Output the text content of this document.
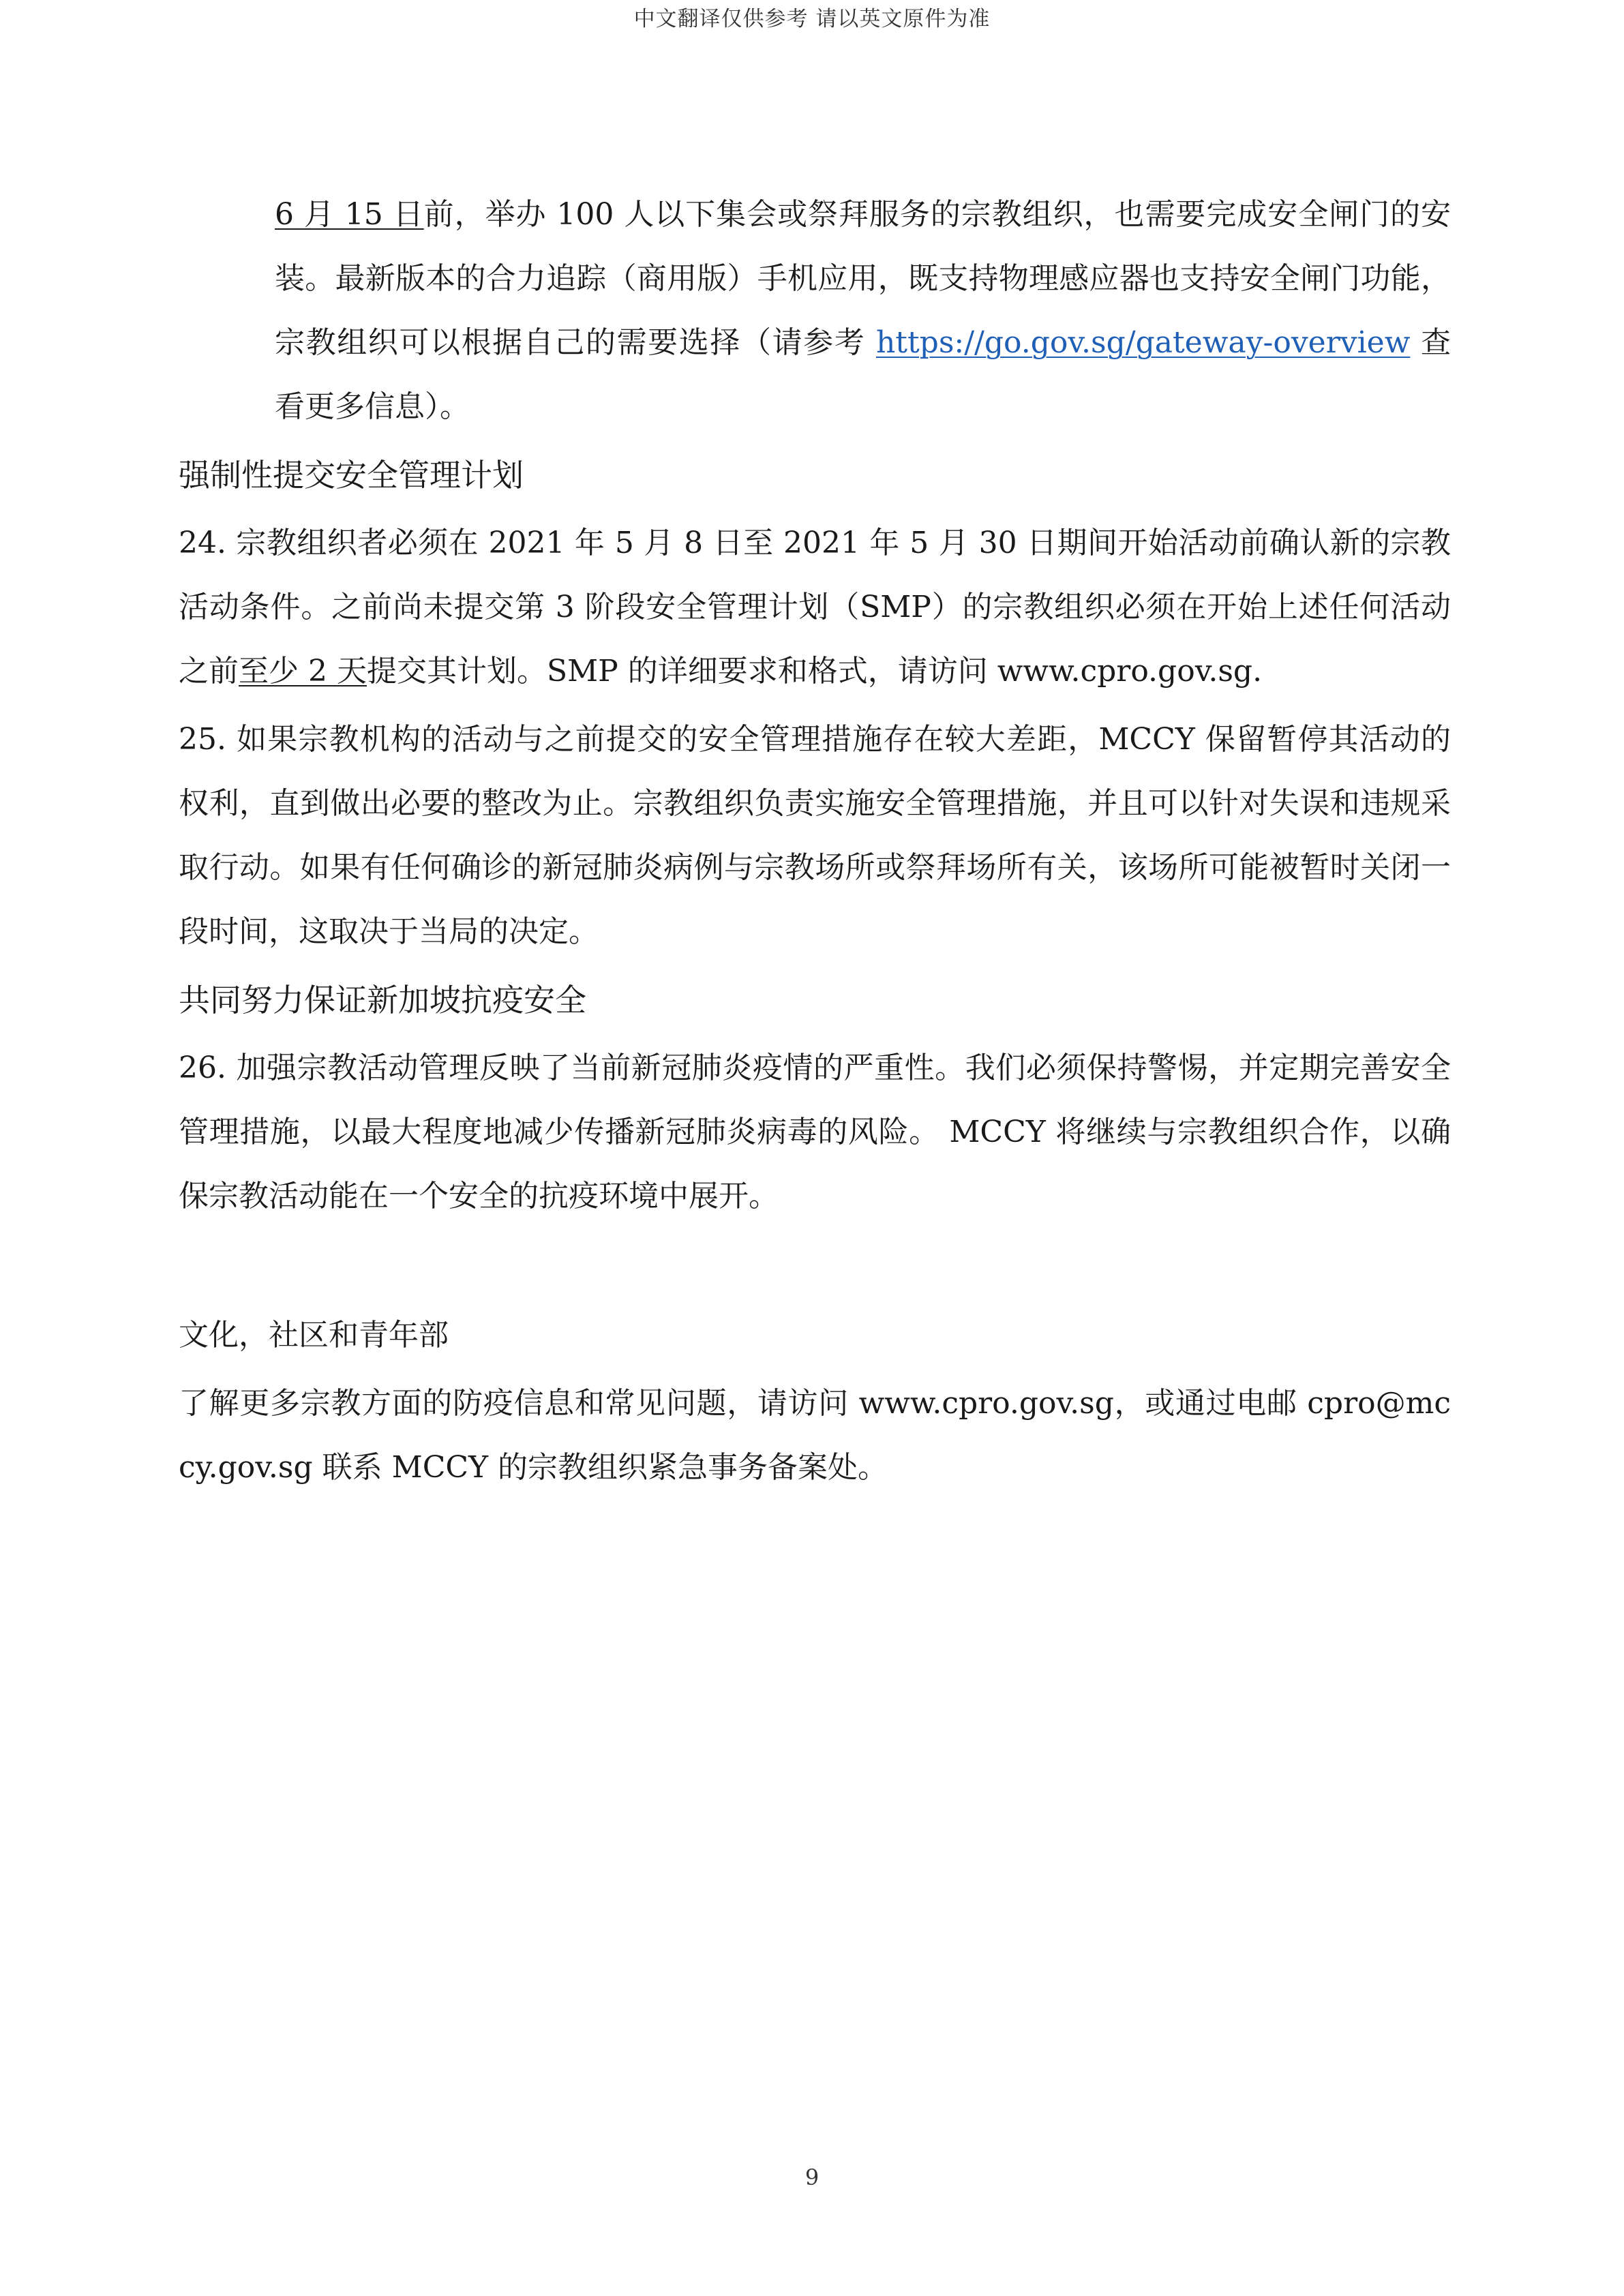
中文翻译仅供参考 请以英文原件为准

6 月 15 日前，举办 100 人以下集会或祭拜服务的宗教组织，也需要完成安全闸门的安装。最新版本的合力追踪（商用版）手机应用，既支持物理感应器也支持安全闸门功能，宗教组织可以根据自己的需要选择（请参考 https://go.gov.sg/gateway-overview 查看更多信息）。

强制性提交安全管理计划

24. 宗教组织者必须在 2021 年 5 月 8 日至 2021 年 5 月 30 日期间开始活动前确认新的宗教活动条件。之前尚未提交第 3 阶段安全管理计划（SMP）的宗教组织必须在开始上述任何活动之前至少 2 天提交其计划。SMP 的详细要求和格式，请访问 www.cpro.gov.sg.

25. 如果宗教机构的活动与之前提交的安全管理措施存在较大差距，MCCY 保留暂停其活动的权利，直到做出必要的整改为止。宗教组织负责实施安全管理措施，并且可以针对失误和违规采取行动。如果有任何确诊的新冠肺炎病例与宗教场所或祭拜场所有关，该场所可能被暂时关闭一段时间，这取决于当局的决定。

共同努力保证新加坡抗疫安全

26. 加强宗教活动管理反映了当前新冠肺炎疫情的严重性。我们必须保持警惕，并定期完善安全管理措施，以最大程度地减少传播新冠肺炎病毒的风险。 MCCY 将继续与宗教组织合作，以确保宗教活动能在一个安全的抗疫环境中展开。

文化，社区和青年部

了解更多宗教方面的防疫信息和常见问题，请访问 www.cpro.gov.sg，或通过电邮 cpro@mccy.gov.sg 联系 MCCY 的宗教组织紧急事务备案处。

9
